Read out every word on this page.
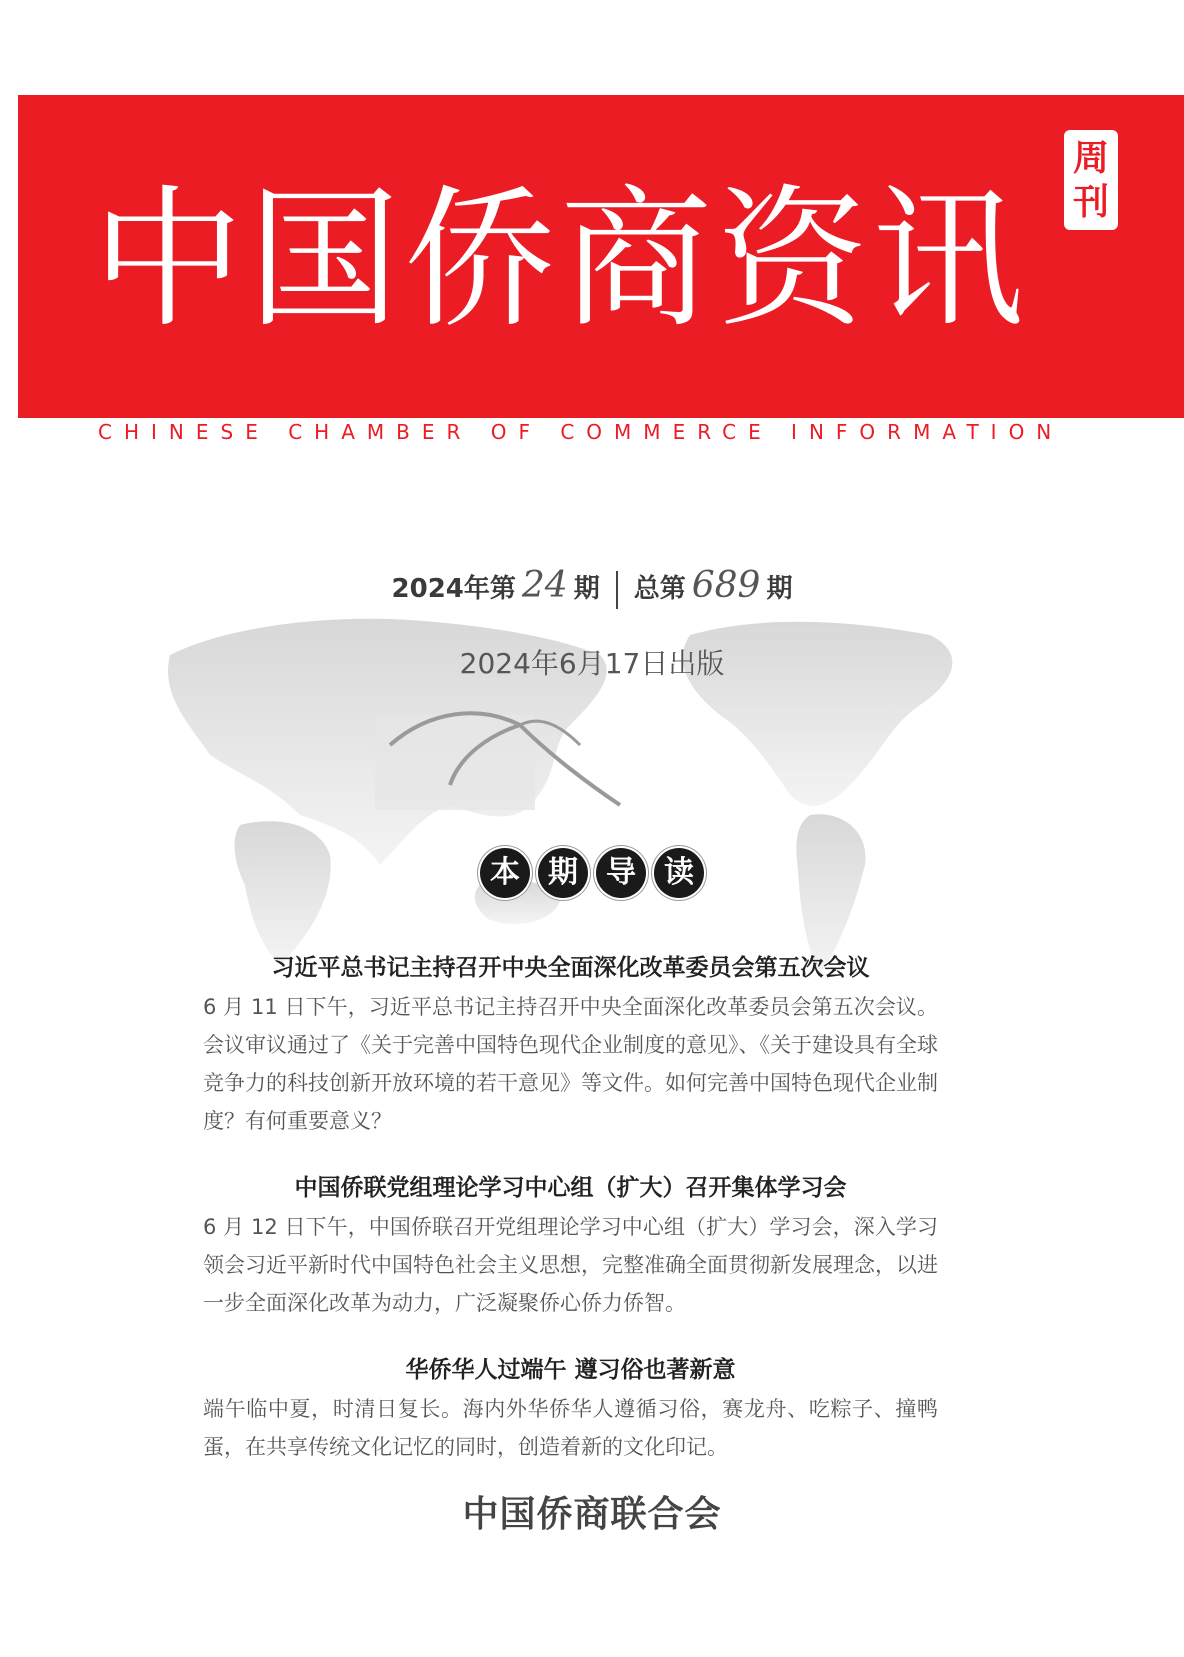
中国侨商资讯
周
刊
CHINESE CHAMBER OF COMMERCE INFORMATION
2024年第 24 期 总第 689 期
2024年6月17日出版
本 期 导 读
习近平总书记主持召开中央全面深化改革委员会第五次会议

6 月 11 日下午，习近平总书记主持召开中央全面深化改革委员会第五次会议。会议审议通过了《关于完善中国特色现代企业制度的意见》、《关于建设具有全球竞争力的科技创新开放环境的若干意见》等文件。如何完善中国特色现代企业制度？有何重要意义？

中国侨联党组理论学习中心组（扩大）召开集体学习会

6 月 12 日下午，中国侨联召开党组理论学习中心组（扩大）学习会，深入学习领会习近平新时代中国特色社会主义思想，完整准确全面贯彻新发展理念，以进一步全面深化改革为动力，广泛凝聚侨心侨力侨智。

华侨华人过端午 遵习俗也著新意

端午临中夏，时清日复长。海内外华侨华人遵循习俗，赛龙舟、吃粽子、撞鸭蛋，在共享传统文化记忆的同时，创造着新的文化印记。

中国侨商联合会
